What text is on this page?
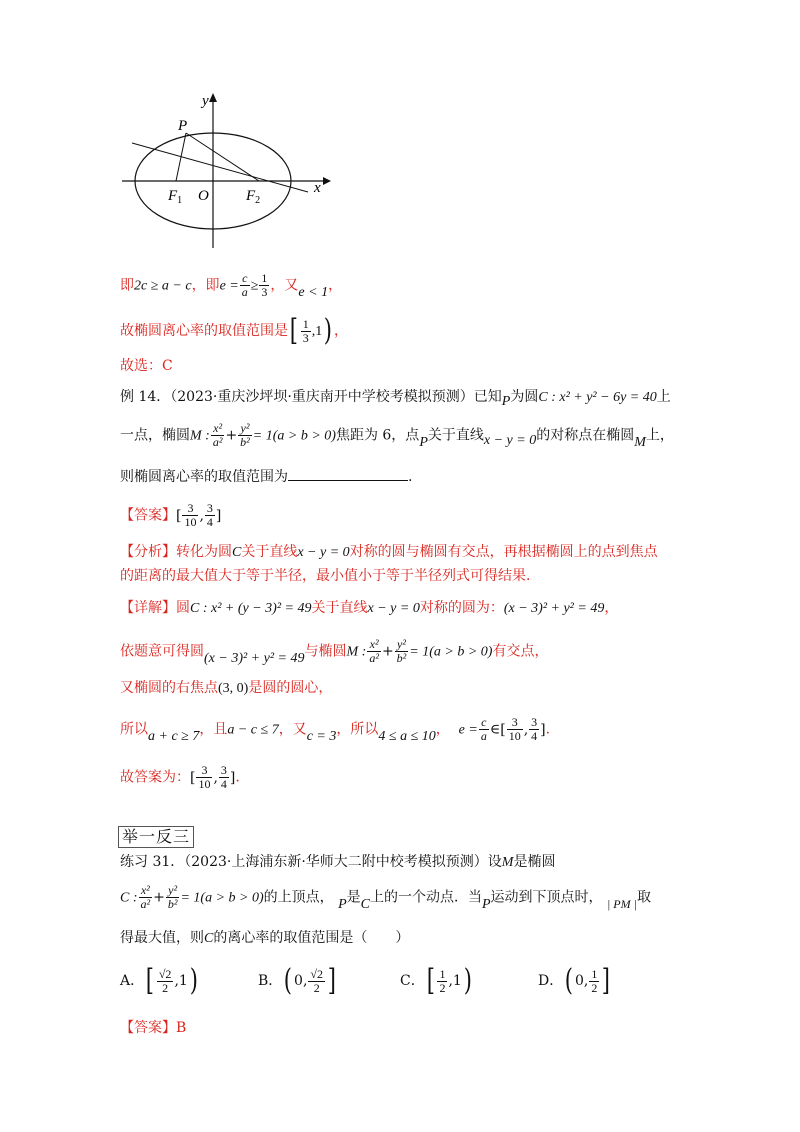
y
x
P
$F_1$ O $F_2$
即2c ≥ a − c，即$e = \frac{c}{a} \ge \frac{1}{3}$ ，又e < 1，
故椭圆离心率的取值范围是[ $\frac{1}{3} ,1$) ，
故选：C
例 14．（2023·重庆沙坪坝·重庆南开中学校考模拟预测）已知P为圆C : x² + y² − 6y = 40上
一点，椭圆M : $\frac{\text{x²}}{\text{a²}} + \frac{\text{y²}}{\text{b²}} = 1(a > b > 0)$焦距为 6，点P关于直线x − y = 0的对称点在椭圆M上，
则椭圆离心率的取值范围为	.
【答案】[ $\frac{3}{10}$ , $\frac{3}{4}$ ]
【分析】转化为圆C关于直线x − y = 0对称的圆与椭圆有交点，再根据椭圆上的点到焦点
的距离的最大值大于等于半径，最小值小于等于半径列式可得结果.
【详解】圆C : x² + (y − 3)² = 49关于直线x − y = 0对称的圆为：(x − 3)² + y² = 49，
依题意可得圆(x − 3)² + y² = 49与椭圆M : $\frac{\text{x²}}{\text{a²}} + \frac{\text{y²}}{\text{b²}} = 1(a > b > 0)$有交点，
又椭圆的右焦点(3, 0)是圆的圆心，
所以a + c ≥ 7，且a − c ≤ 7，又c = 3，所以4 ≤ a ≤ 10， $e = \frac{c}{a}$ ∈[ $\frac{3}{10}$ , $\frac{3}{4}$ ].
故答案为：[ $\frac{3}{10}$ , $\frac{3}{4}$ ].
举一反三
练习 31．（2023·上海浦东新·华师大二附中校考模拟预测）设M是椭圆
C : $\frac{\text{x²}}{\text{a²}} + \frac{\text{y²}}{\text{b²}} = 1(a > b > 0)$的上顶点， P是C上的一个动点．当P运动到下顶点时， | PM |取
得最大值，则C的离心率的取值范围是（　　）
A．[ $\frac{√2}{2} ,1$)	B．( 0, $\frac{√2}{2}$ ]	C．[ $\frac{1}{2} ,1$)	D．( 0, $\frac{1}{2}$ ]
【答案】B
